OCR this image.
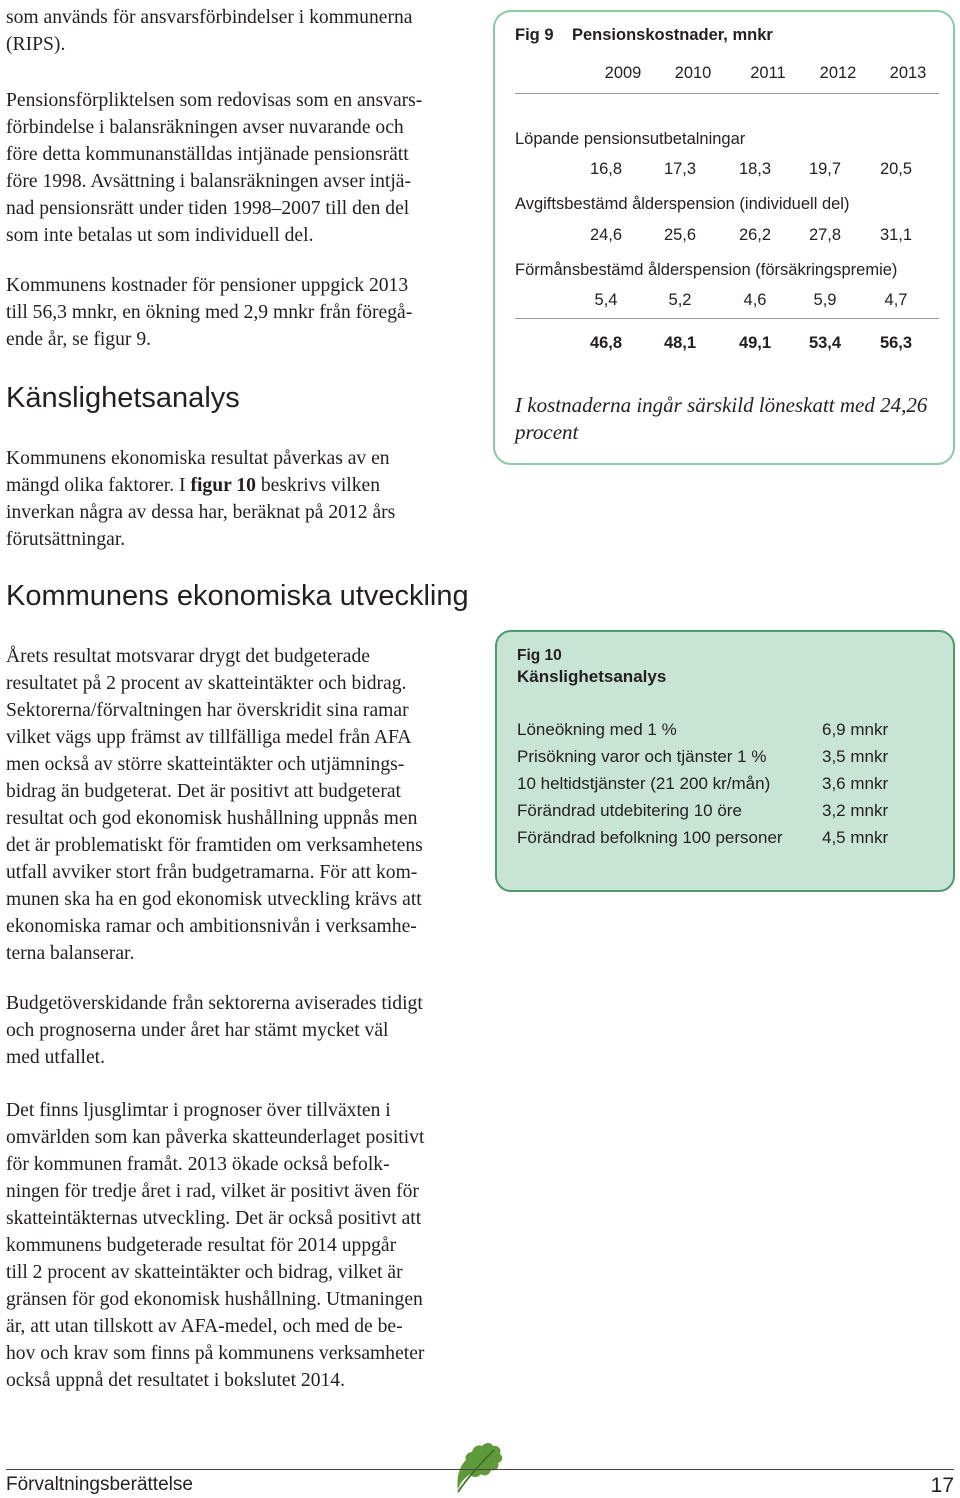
som används för ansvarsförbindelser i kommunerna
(RIPS).

Pensionsförpliktelsen som redovisas som en ansvars-
förbindelse i balansräkningen avser nuvarande och
före detta kommunanställdas intjänade pensionsrätt
före 1998. Avsättning i balansräkningen avser intjä-
nad pensionsrätt under tiden 1998–2007 till den del
som inte betalas ut som individuell del.

Kommunens kostnader för pensioner uppgick 2013
till 56,3 mnkr, en ökning med 2,9 mnkr från föregå-
ende år, se figur 9.

Känslighetsanalys

Kommunens ekonomiska resultat påverkas av en
mängd olika faktorer. I figur 10 beskrivs vilken
inverkan några av dessa har, beräknat på 2012 års
förutsättningar.

Kommunens ekonomiska utveckling

Årets resultat motsvarar drygt det budgeterade
resultatet på 2 procent av skatteintäkter och bidrag.
Sektorerna/förvaltningen har överskridit sina ramar
vilket vägs upp främst av tillfälliga medel från AFA
men också av större skatteintäkter och utjämnings-
bidrag än budgeterat. Det är positivt att budgeterat
resultat och god ekonomisk hushållning uppnås men
det är problematiskt för framtiden om verksamhetens
utfall avviker stort från budgetramarna. För att kom-
munen ska ha en god ekonomisk utveckling krävs att
ekonomiska ramar och ambitionsnivån i verksamhe-
terna balanserar.

Budgetöverskidande från sektorerna aviserades tidigt
och prognoserna under året har stämt mycket väl
med utfallet.

Det finns ljusglimtar i prognoser över tillväxten i
omvärlden som kan påverka skatteunderlaget positivt
för kommunen framåt. 2013 ökade också befolk-
ningen för tredje året i rad, vilket är positivt även för
skatteintäkternas utveckling. Det är också positivt att
kommunens budgeterade resultat för 2014 uppgår
till 2 procent av skatteintäkter och bidrag, vilket är
gränsen för god ekonomisk hushållning. Utmaningen
är, att utan tillskott av AFA-medel, och med de be-
hov och krav som finns på kommunens verksamheter
också uppnå det resultatet i bokslutet 2014.

Fig 9 Pensionskostnader, mnkr
2009	2010	2011	2012	2013
Löpande pensionsutbetalningar
16,8	17,3	18,3	19,7	20,5
Avgiftsbestämd ålderspension (individuell del)
24,6	25,6	26,2	27,8	31,1
Förmånsbestämd ålderspension (försäkringspremie)
5,4	5,2	4,6	5,9	4,7
46,8	48,1	49,1	53,4	56,3
I kostnaderna ingår särskild löneskatt med 24,26 procent
Fig 10
Känslighetsanalys
Löneökning med 1 %	6,9 mnkr
Prisökning varor och tjänster 1 %	3,5 mnkr
10 heltidstjänster (21 200 kr/mån)	3,6 mnkr
Förändrad utdebitering 10 öre	3,2 mnkr
Förändrad befolkning 100 personer 4,5 mnkr
Förvaltningsberättelse	17
